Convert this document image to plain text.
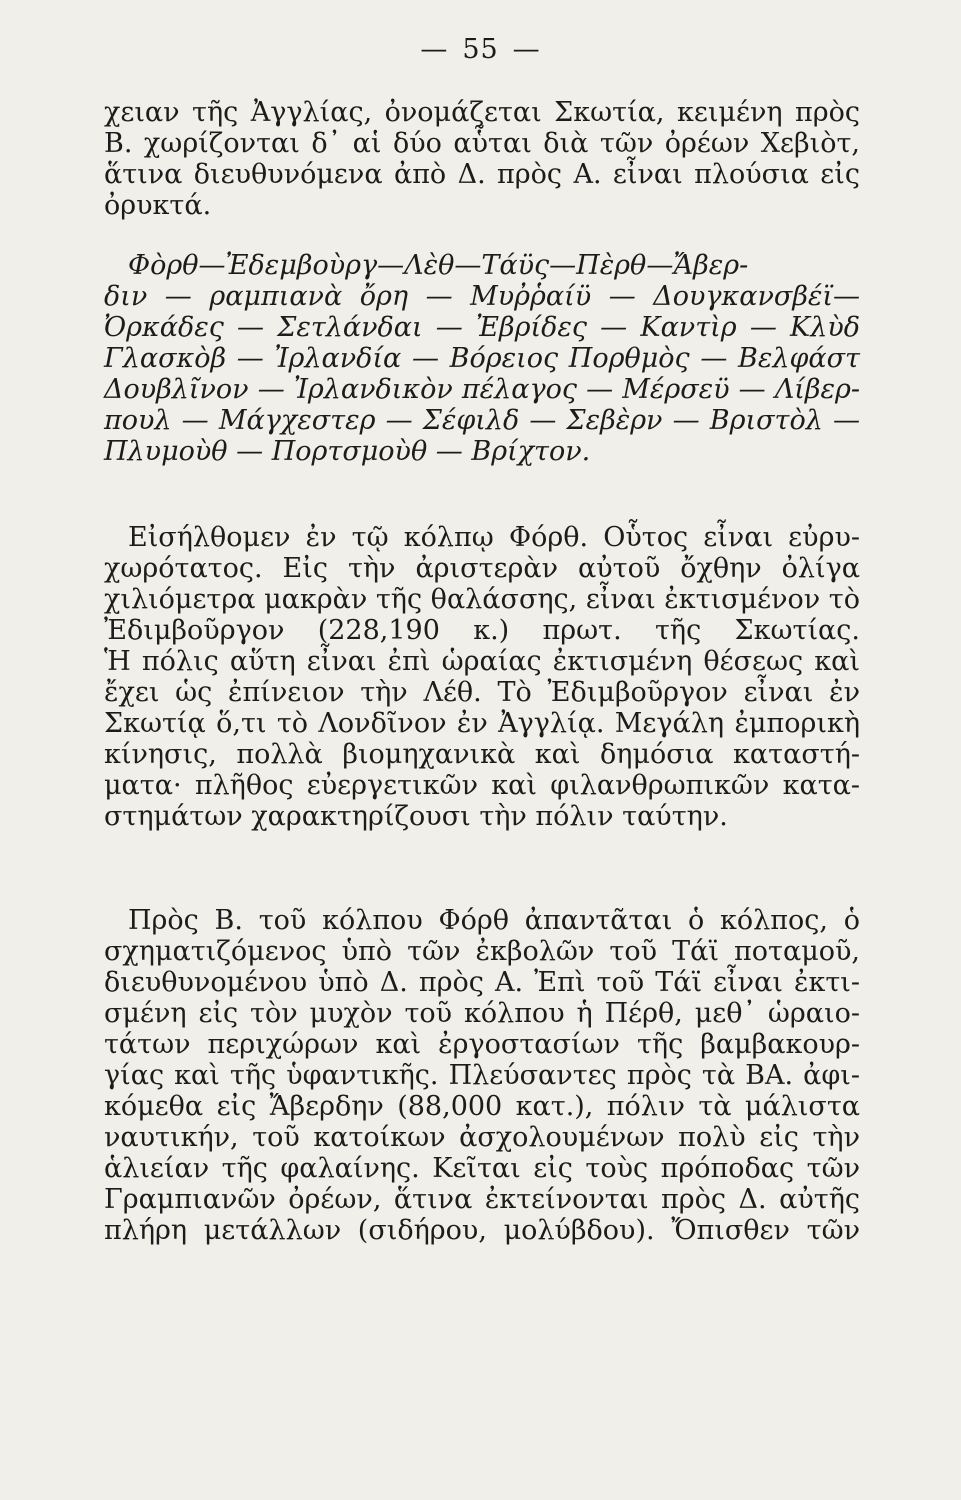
— 55 —
χειαν τῆς Ἀγγλίας, ὀνομάζεται Σκωτία, κειμένη πρὸς
Β. χωρίζονται δ᾽ αἱ δύο αὗται διὰ τῶν ὀρέων Χεβιὸτ,
ἅτινα διευθυνόμενα ἀπὸ Δ. πρὸς Α. εἶναι πλούσια εἰς
ὀρυκτά.
Φὸρθ—Ἐδεμβοὺργ—Λὲθ—Τάϋς—Πὲρθ—Ἄβερ-
διν — ραμπιανὰ ὄρη — Μυῤῥαίϋ — Δουγκανσβέϊ—
Ὀρκάδες — Σετλάνδαι — Ἐβρίδες — Καντὶρ — Κλὺδ
Γλασκὸβ — Ἰρλανδία — Βόρειος Πορθμὸς — Βελφάστ
Δουβλῖνον — Ἰρλανδικὸν πέλαγος — Μέρσεϋ — Λίβερ-
πουλ — Μάγχεστερ — Σέφιλδ — Σεβὲρν — Βριστὸλ —
Πλυμοὺθ — Πορτσμοὺθ — Βρίχτον.
Εἰσήλθομεν ἐν τῷ κόλπῳ Φόρθ. Οὗτος εἶναι εὐρυ-
χωρότατος. Εἰς τὴν ἀριστερὰν αὐτοῦ ὄχθην ὀλίγα
χιλιόμετρα μακρὰν τῆς θαλάσσης, εἶναι ἐκτισμένον τὸ
Ἐδιμβοῦργον (228,190 κ.) πρωτ. τῆς Σκωτίας.
Ἡ πόλις αὕτη εἶναι ἐπὶ ὡραίας ἐκτισμένη θέσεως καὶ
ἔχει ὡς ἐπίνειον τὴν Λέθ. Τὸ Ἐδιμβοῦργον εἶναι ἐν
Σκωτίᾳ ὅ,τι τὸ Λονδῖνον ἐν Ἀγγλίᾳ. Μεγάλη ἐμπορικὴ
κίνησις, πολλὰ βιομηχανικὰ καὶ δημόσια καταστή-
ματα· πλῆθος εὐεργετικῶν καὶ φιλανθρωπικῶν κατα-
στημάτων χαρακτηρίζουσι τὴν πόλιν ταύτην.
Πρὸς Β. τοῦ κόλπου Φόρθ ἀπαντᾶται ὁ κόλπος, ὁ
σχηματιζόμενος ὑπὸ τῶν ἐκβολῶν τοῦ Τάϊ ποταμοῦ,
διευθυνομένου ὑπὸ Δ. πρὸς Α. Ἐπὶ τοῦ Τάϊ εἶναι ἐκτι-
σμένη εἰς τὸν μυχὸν τοῦ κόλπου ἡ Πέρθ, μεθ᾽ ὡραιο-
τάτων περιχώρων καὶ ἐργοστασίων τῆς βαμβακουρ-
γίας καὶ τῆς ὑφαντικῆς. Πλεύσαντες πρὸς τὰ ΒΑ. ἀφι-
κόμεθα εἰς Ἄβερδην (88,000 κατ.), πόλιν τὰ μάλιστα
ναυτικήν, τοῦ κατοίκων ἀσχολουμένων πολὺ εἰς τὴν
ἁλιείαν τῆς φαλαίνης. Κεῖται εἰς τοὺς πρόποδας τῶν
Γραμπιανῶν ὀρέων, ἅτινα ἐκτείνονται πρὸς Δ. αὐτῆς
πλήρη μετάλλων (σιδήρου, μολύβδου). Ὄπισθεν τῶν
